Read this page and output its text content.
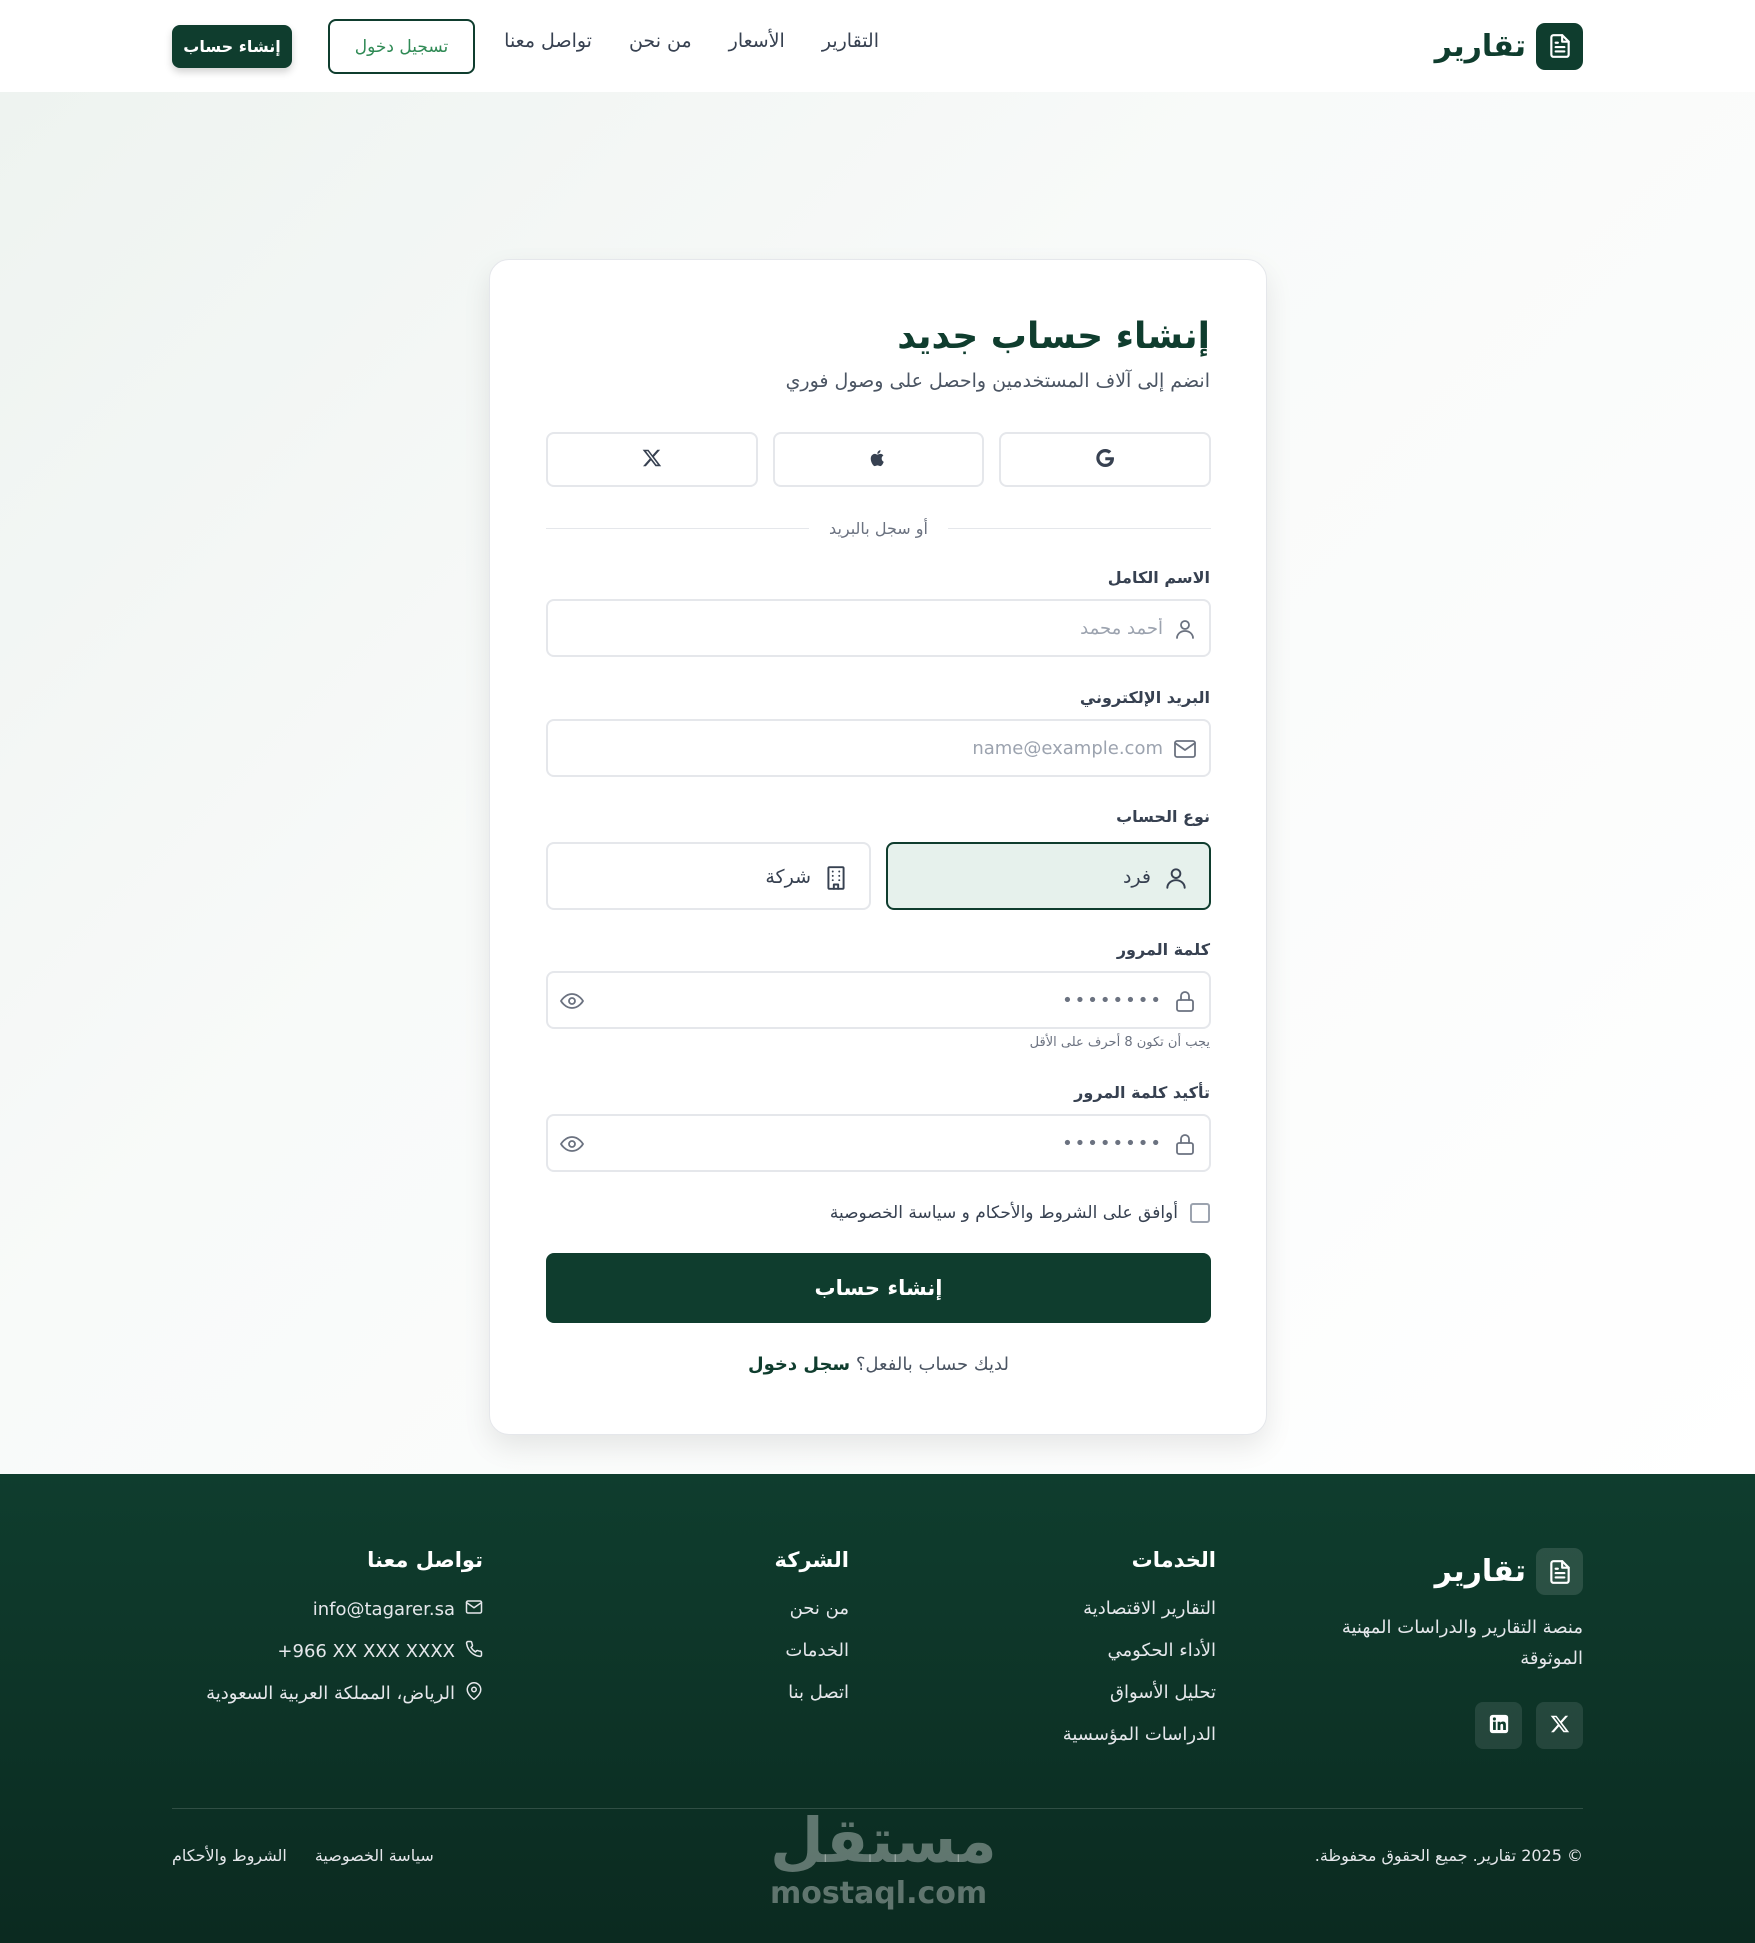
تقارير
التقارير
الأسعار
من نحن
تواصل معنا
تسجيل دخول
إنشاء حساب
إنشاء حساب جديد

انضم إلى آلاف المستخدمين واحصل على وصول فوري

أو سجل بالبريد
الاسم الكامل
أحمد محمد
البريد الإلكتروني
name@example.com
نوع الحساب
فرد
شركة
كلمة المرور
••••••••

يجب أن تكون 8 أحرف على الأقل

تأكيد كلمة المرور
••••••••
أوافق على الشروط والأحكام و سياسة الخصوصية
إنشاء حساب

لديك حساب بالفعل؟ سجل دخول

تقارير

منصة التقارير والدراسات المهنية الموثوقة

الخدمات
التقارير الاقتصادية
الأداء الحكومي
تحليل الأسواق
الدراسات المؤسسية
الشركة
من نحن
الخدمات
اتصل بنا
تواصل معنا
info@tagarer.sa
+966 XX XXX XXXX
الرياض، المملكة العربية السعودية

© 2025 تقارير. جميع الحقوق محفوظة.

سياسة الخصوصية
الشروط والأحكام	مستقل
mostaql.com
